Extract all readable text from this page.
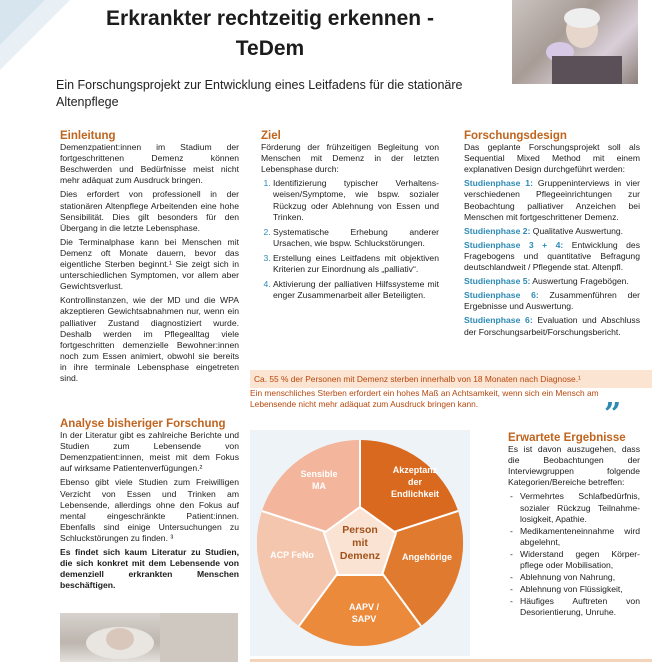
Erkrankter rechtzeitig erkennen -
TeDem
Ein Forschungsprojekt zur Entwicklung eines Leitfadens für die stationäre Altenpflege
Einleitung

Demenzpatient:innen im Stadium der fortgeschrittenen Demenz können Beschwerden und Bedürfnisse meist nicht mehr adäquat zum Ausdruck bringen.

Dies erfordert von professionell in der stationären Altenpflege Arbeitenden eine hohe Sensibilität. Dies gilt besonders für den Übergang in die letzte Lebensphase.

Die Terminalphase kann bei Menschen mit Demenz oft Monate dauern, bevor das eigentliche Sterben beginnt.¹ Sie zeigt sich in unterschiedlichen Symptomen, vor allem aber Gewichtsverlust.

Kontrollinstanzen, wie der MD und die WPA akzeptieren Gewichtsabnahmen nur, wenn ein palliativer Zustand diagnostiziert wurde. Deshalb werden im Pflegealltag viele fortgeschritten demenzielle Bewohner:innen noch zum Essen animiert, obwohl sie bereits in ihre terminale Lebensphase eingetreten sind.

Analyse bisheriger Forschung

In der Literatur gibt es zahlreiche Berichte und Studien zum Lebensende von Demenzpatient:innen, meist mit dem Fokus auf wirksame Patientenverfügungen.²

Ebenso gibt viele Studien zum Freiwilligen Verzicht von Essen und Trinken am Lebensende, allerdings ohne den Fokus auf mental eingeschränkte Patient:innen. Ebenfalls sind einige Untersuchungen zu Schluckstörungen zu finden. ³

Es findet sich kaum Literatur zu Studien, die sich konkret mit dem Lebensende von demenziell erkrankten Menschen beschäftigen.

Ziel

Förderung der frühzeitigen Begleitung von Menschen mit Demenz in der letzten Lebensphase durch:

1. Identifizierung typischer Verhaltens-weisen/Symptome, wie bspw. sozialer Rückzug oder Ablehnung von Essen und Trinken.
2. Systematische Erhebung anderer Ursachen, wie bspw. Schluckstörungen.
3. Erstellung eines Leitfadens mit objektiven Kriterien zur Einordnung als „palliativ“.
4. Aktivierung der palliativen Hilfssysteme mit enger Zusammenarbeit aller Beteiligten.
Forschungsdesign

Das geplante Forschungsprojekt soll als Sequential Mixed Method mit einem explanativen Design durchgeführt werden:

Studienphase 1: Gruppeninterviews in vier verschiedenen Pflegeeinrichtungen zur Beobachtung palliativer Anzeichen bei Menschen mit fortgeschrittener Demenz.

Studienphase 2: Qualitative Auswertung.

Studienphase 3 + 4: Entwicklung des Fragebogens und quantitative Befragung deutschlandweit / Pflegende stat. Altenpfl.

Studienphase 5: Auswertung Fragebögen.

Studienphase 6: Zusammenführen der Ergebnisse und Auswertung.

Studienphase 6: Evaluation und Abschluss der Forschungsarbeit/Forschungsbericht.

Ca. 55 % der Personen mit Demenz sterben innerhalb von 18 Monaten nach Diagnose.¹
Ein menschliches Sterben erfordert ein hohes Maß an Achtsamkeit, wenn sich ein Mensch am Lebensende nicht mehr adäquat zum Ausdruck bringen kann.	”
Person
mit
Demenz
Sensible
MA
Akzeptanz
der
Endlichkeit
Angehörige
AAPV /
SAPV
ACP FeNo
Erwartete Ergebnisse

Es ist davon auszugehen, dass die Beobachtungen der Interviewgruppen folgende Kategorien/Bereiche betreffen:

- Vermehrtes Schlafbedürfnis, sozialer Rückzug Teilnahme-losigkeit, Apathie.
- Medikamenteneinnahme wird abgelehnt,
- Widerstand gegen Körper-pflege oder Mobilisation,
- Ablehnung von Nahrung,
- Ablehnung von Flüssigkeit,
- Häufiges Auftreten von Desorientierung, Unruhe.
